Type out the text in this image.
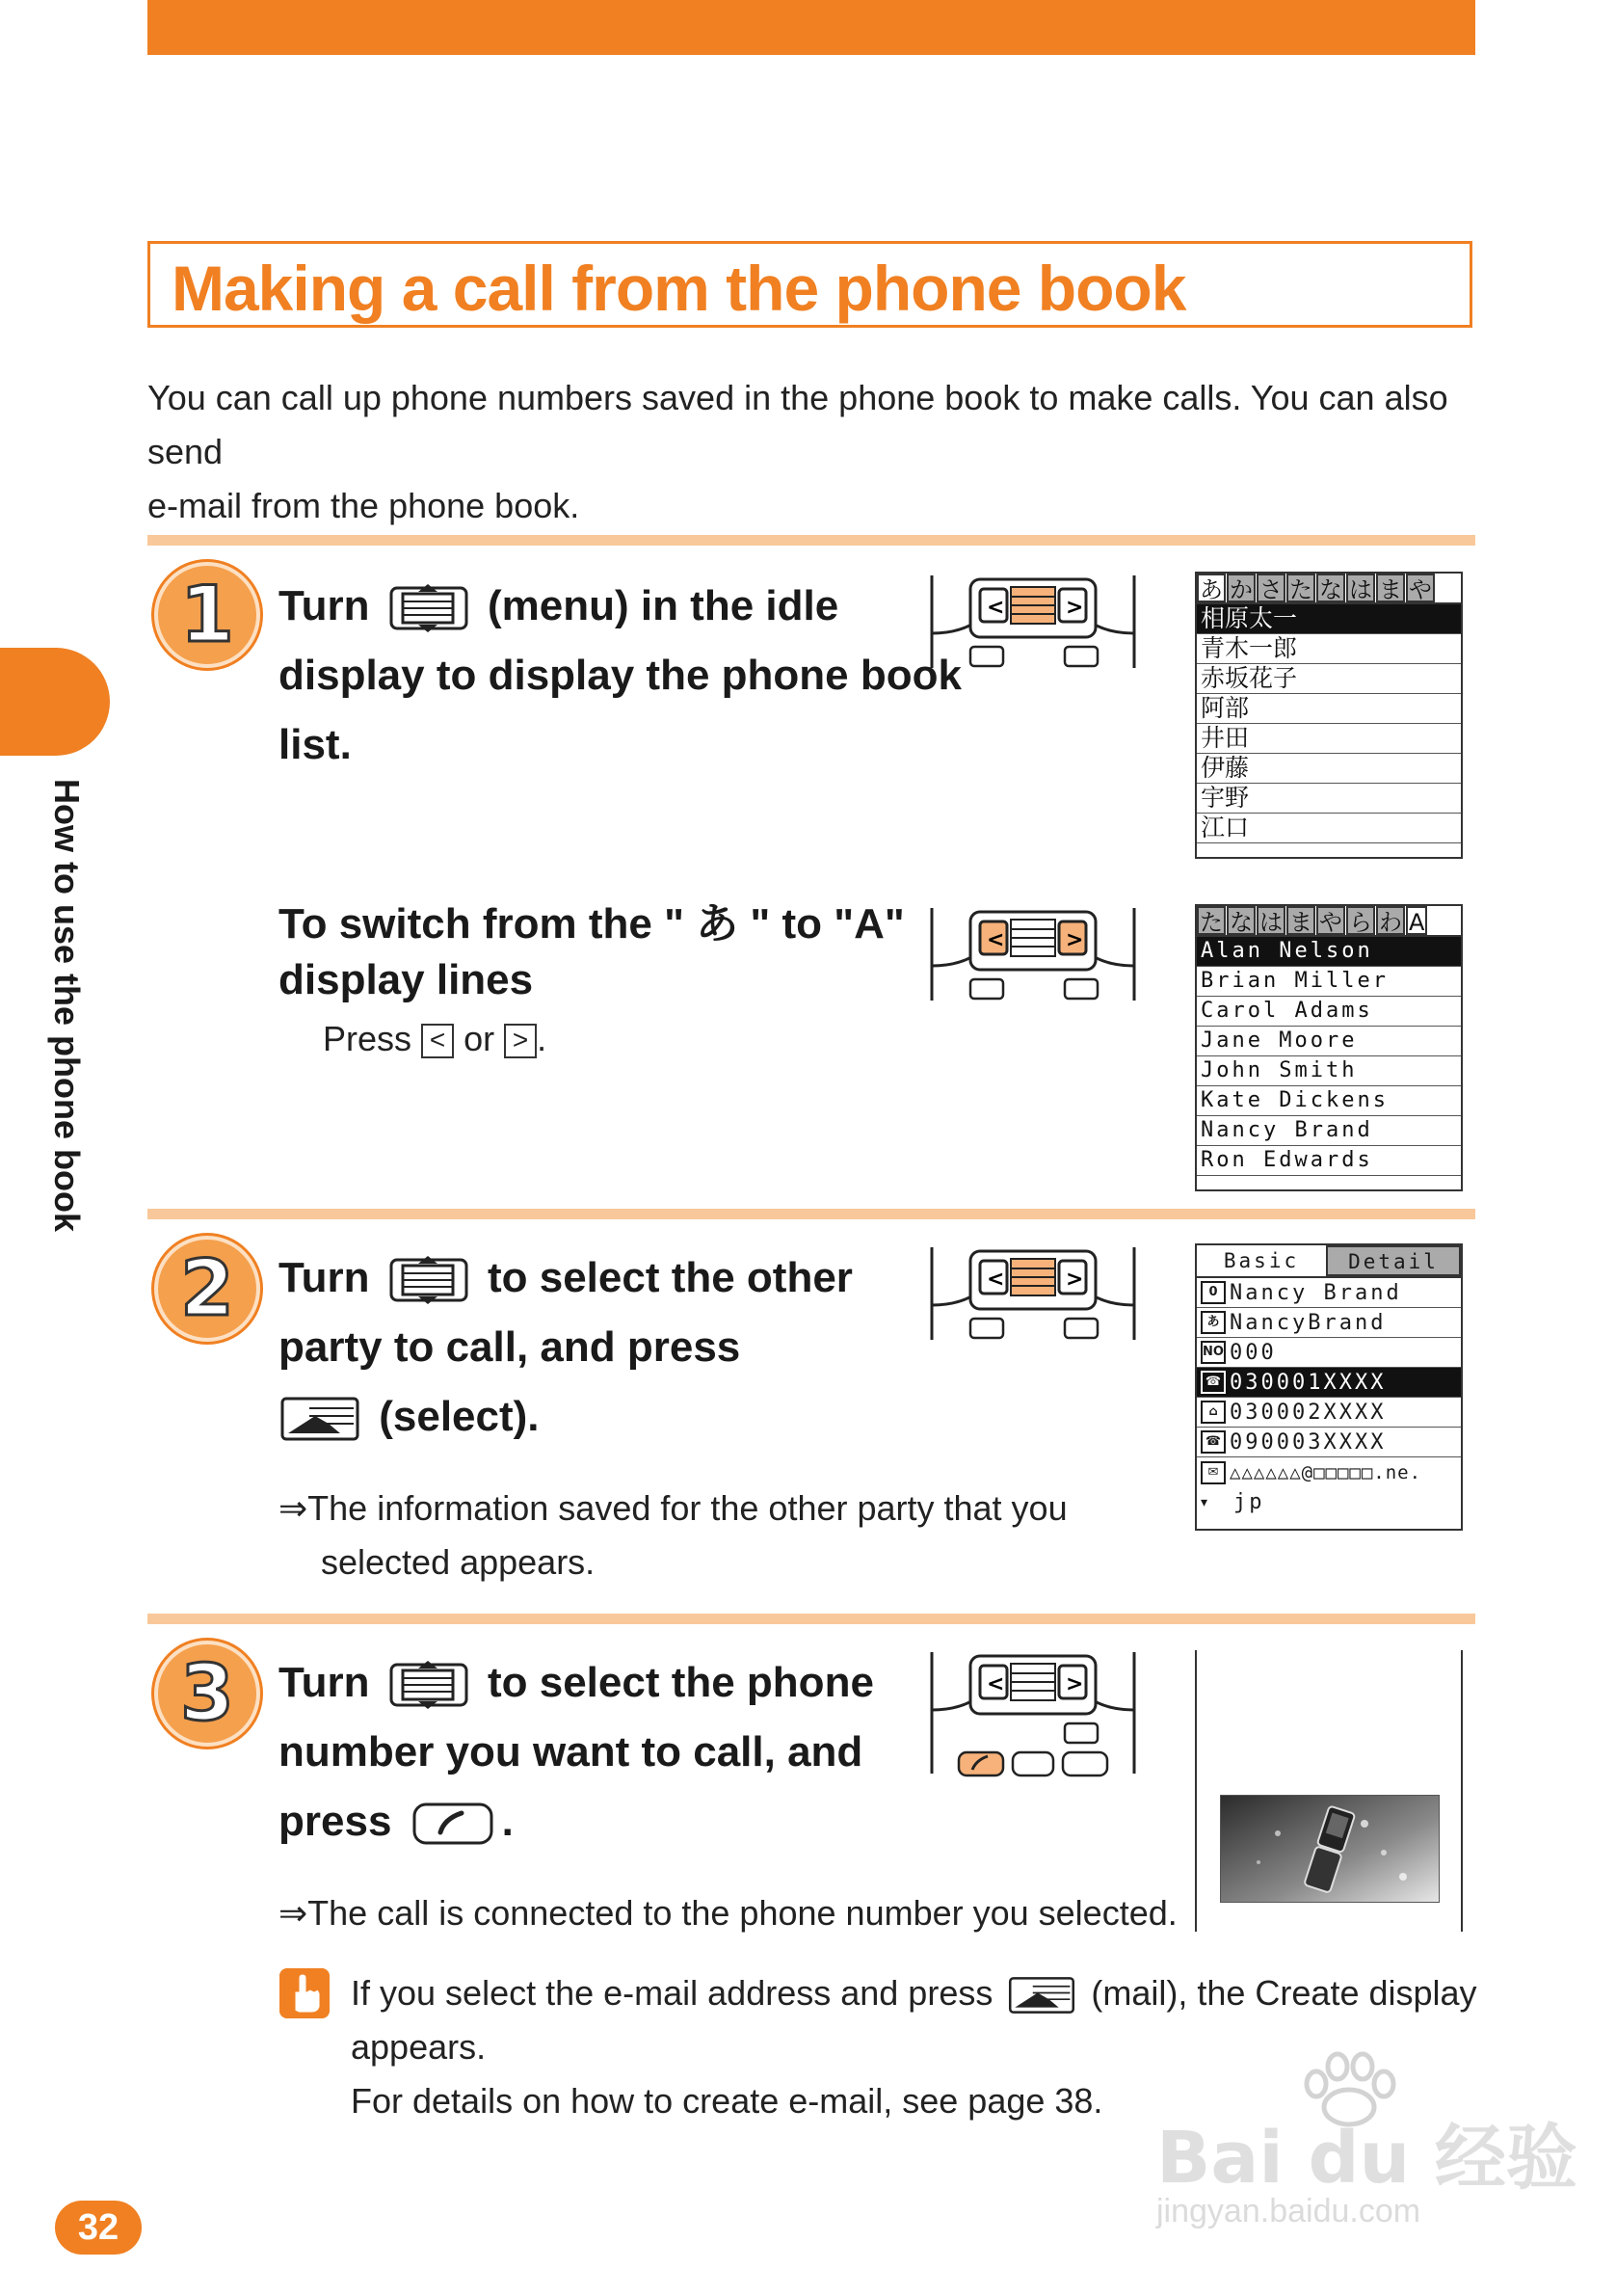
Making a call from the phone book
You can call up phone numbers saved in the phone book to make calls. You can also send
e-mail from the phone book.
How to use the phone book
1 Turn	(menu) in the idle
display to display the phone book
list.
<	>
あ か さ た な は ま や
相原太一
青木一郎
赤坂花子
阿部
井田
伊藤
宇野
江口
To switch from the " あ " to "A"
display lines
Press < or > .
<	>
た な は ま や ら わ A
Alan Nelson
Brian Miller
Carol Adams
Jane Moore
John Smith
Kate Dickens
Nancy Brand
Ron Edwards
2 Turn	to select the other
party to call, and press
(select).
⇒The information saved for the other party that you
selected appears.
<	>
Basic	Detail
0 Nancy Brand
あ NancyBrand
NO 000
☎ 030001XXXX
⌂ 030002XXXX
☎ 090003XXXX
✉ △△△△△△@□□□□□.ne.
▾	jp
3 Turn	to select the phone
number you want to call, and
press	.
⇒The call is connected to the phone number you selected.
<	>
If you select the e-mail address and press	(mail), the Create display
appears.
For details on how to create e-mail, see page 38.
32
Bai du 经验
jingyan.baidu.com
